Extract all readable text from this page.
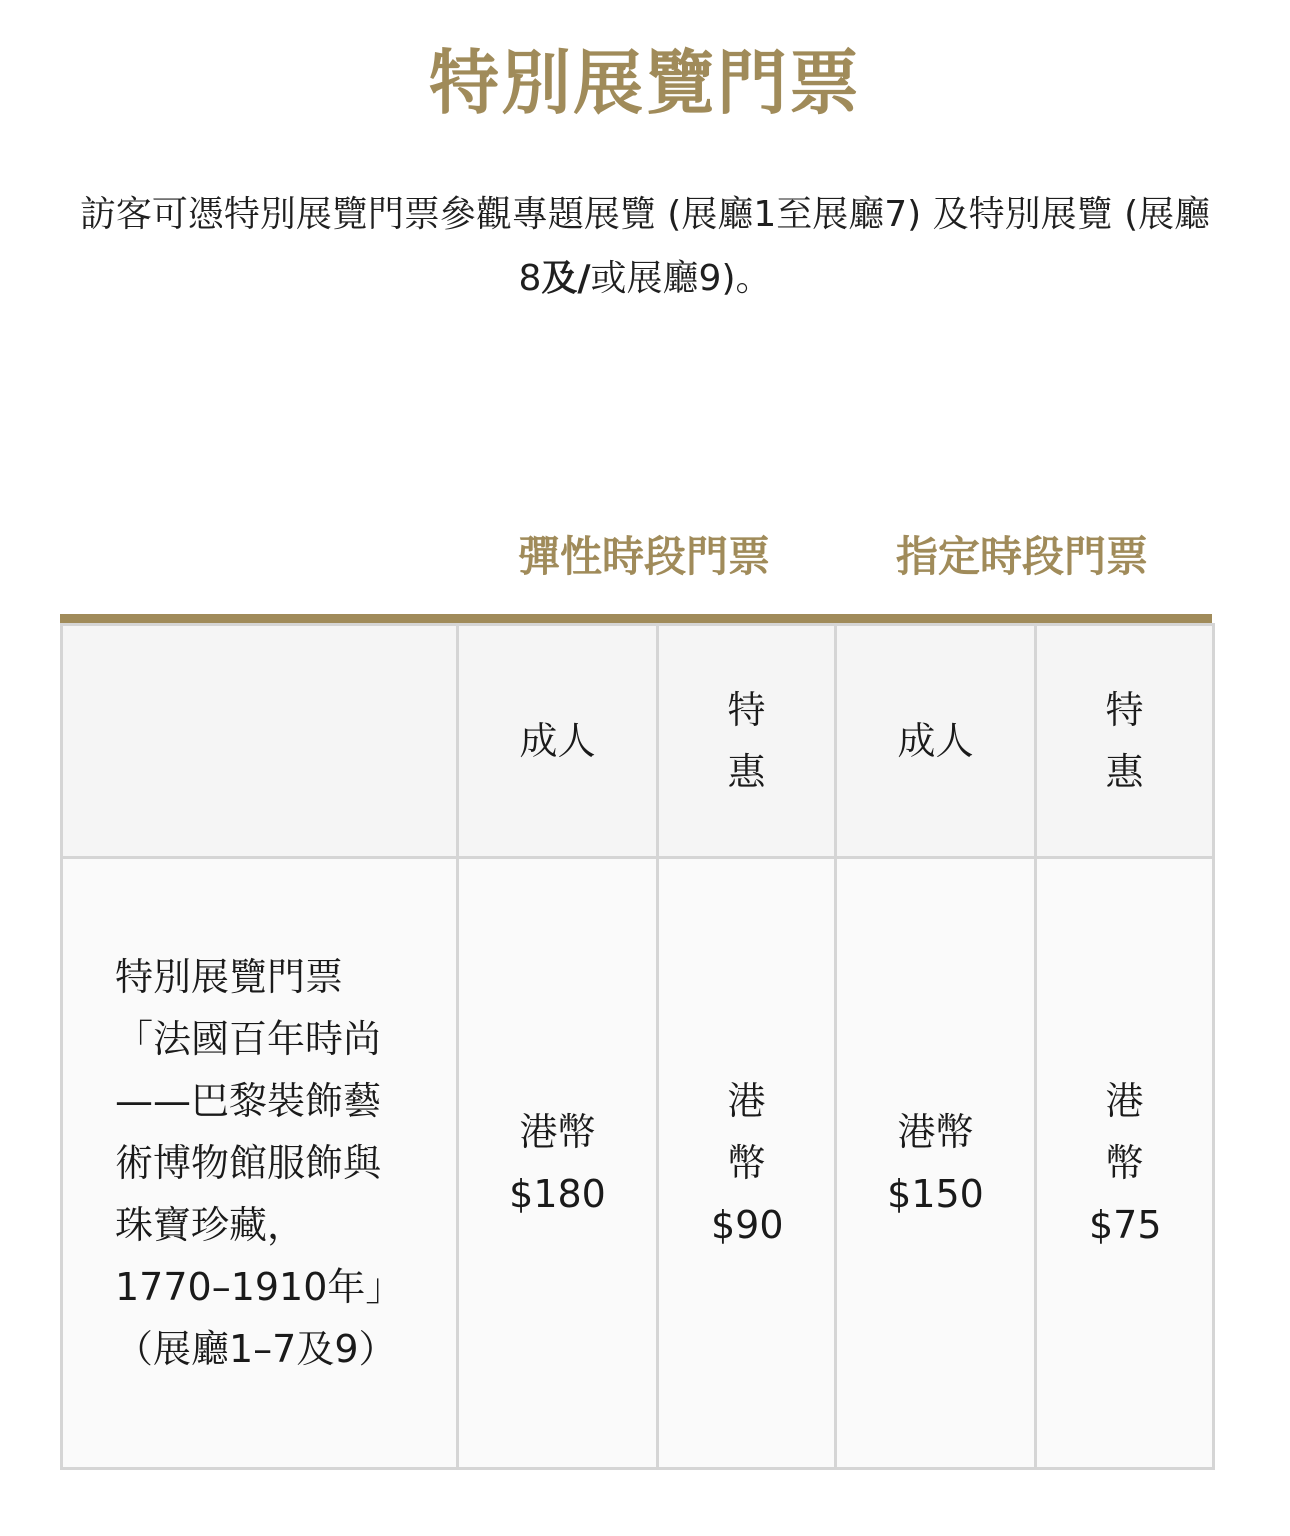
特別展覽門票
訪客可憑特別展覽門票參觀專題展覽 (展廳1至展廳7) 及特別展覽 (展廳8及/或展廳9)。
彈性時段門票	指定時段門票
	成人	特惠	成人	特惠
特別展覽門票「法國百年時尚——巴黎裝飾藝術博物館服飾與珠寶珍藏，1770–1910年」（展廳1–7及9）	港幣 $180	港幣 $90	港幣 $150	港幣 $75
